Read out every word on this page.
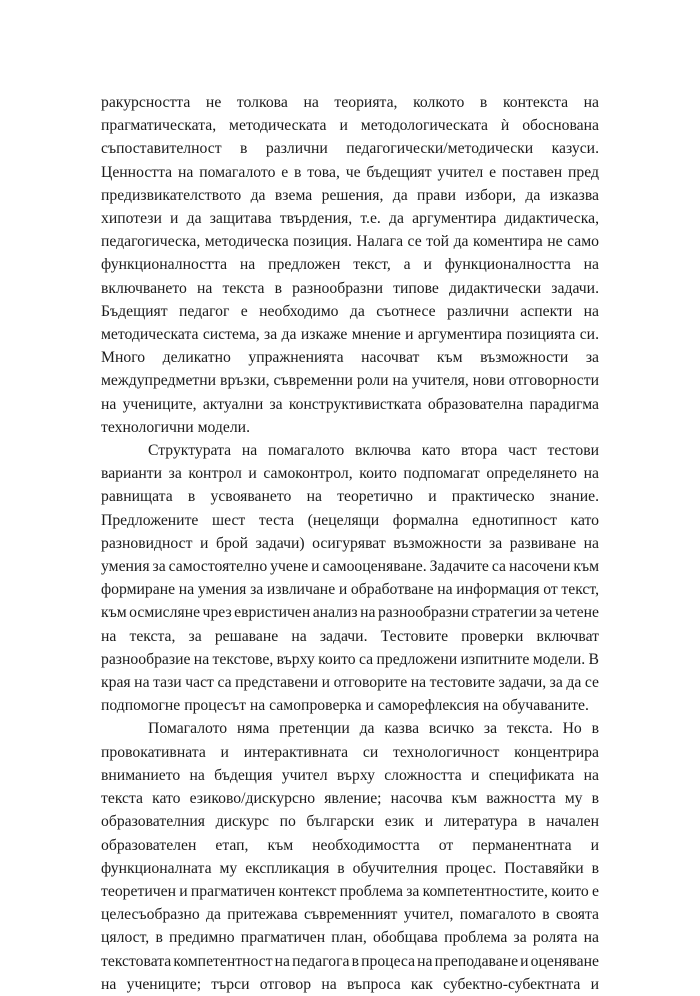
ракурсността не толкова на теорията, колкото в контекста на
прагматическата, методическата и методологическата ѝ обоснована
съпоставителност в различни педагогически/методически казуси.
Ценността на помагалото е в това, че бъдещият учител е поставен пред
предизвикателството да взема решения, да прави избори, да изказва
хипотези и да защитава твърдения, т.е. да аргументира дидактическа,
педагогическа, методическа позиция. Налага се той да коментира не само
функционалността на предложен текст, а и функционалността на
включването на текста в разнообразни типове дидактически задачи.
Бъдещият педагог е необходимо да съотнесе различни аспекти на
методическата система, за да изкаже мнение и аргументира позицията си.
Много деликатно упражненията насочват към възможности за
междупредметни връзки, съвременни роли на учителя, нови отговорности
на учениците, актуални за конструктивистката образователна парадигма
технологични модели.

Структурата на помагалото включва като втора част тестови
варианти за контрол и самоконтрол, които подпомагат определянето на
равнищата в усвояването на теоретично и практическо знание.
Предложените шест теста (нецелящи формална еднотипност като
разновидност и брой задачи) осигуряват възможности за развиване на
умения за самостоятелно учене и самооценяване. Задачите са насочени към
формиране на умения за извличане и обработване на информация от текст,
към осмисляне чрез евристичен анализ на разнообразни стратегии за четене
на текста, за решаване на задачи. Тестовите проверки включват
разнообразие на текстове, върху които са предложени изпитните модели. В
края на тази част са представени и отговорите на тестовите задачи, за да се
подпомогне процесът на самопроверка и саморефлексия на обучаваните.

Помагалото няма претенции да казва всичко за текста. Но в
провокативната и интерактивната си технологичност концентрира
вниманието на бъдещия учител върху сложността и спецификата на
текста като езиково/дискурсно явление; насочва към важността му в
образователния дискурс по български език и литература в начален
образователен етап, към необходимостта от перманентната и
функционалната му експликация в обучителния процес. Поставяйки в
теоретичен и прагматичен контекст проблема за компетентностите, които е
целесъобразно да притежава съвременният учител, помагалото в своята
цялост, в предимно прагматичен план, обобщава проблема за ролята на
текстовата компетентност на педагога в процеса на преподаване и оценяване
на учениците; търси отговор на въпроса как субектно-субектната и
